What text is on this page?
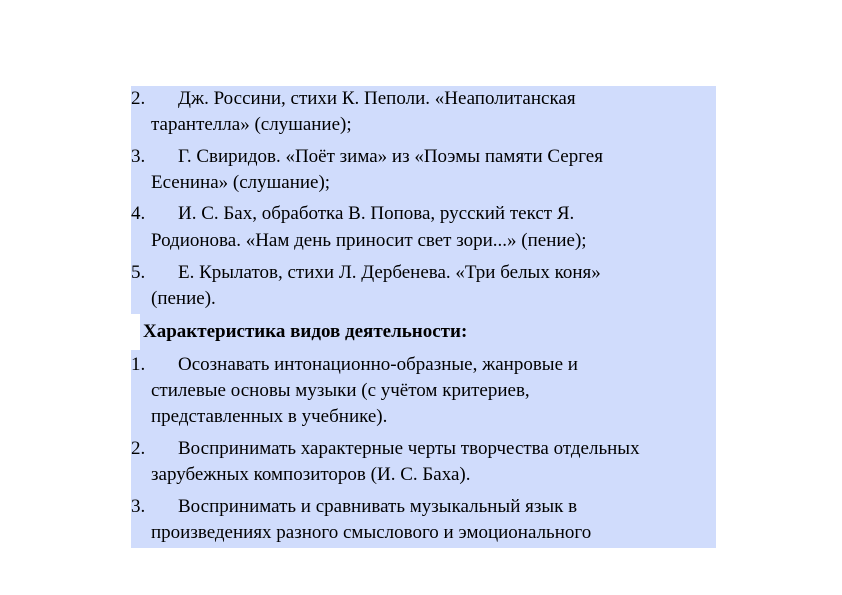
2. Дж. Россини, стихи К. Пеполи. «Неаполитанская
тарантелла» (слушание);
3. Г. Свиридов. «Поёт зима» из «Поэмы памяти Сергея
Есенина» (слушание);
4. И. С. Бах, обработка В. Попова, русский текст Я.
Родионова. «Нам день приносит свет зори...» (пение);
5. Е. Крылатов, стихи Л. Дербенева. «Три белых коня»
(пение).
Характеристика видов деятельности:
1. Осознавать интонационно-образные, жанровые и
стилевые основы музыки (с учётом критериев,
представленных в учебнике).
2. Воспринимать характерные черты творчества отдельных
зарубежных композиторов (И. С. Баха).
3. Воспринимать и сравнивать музыкальный язык в
произведениях разного смыслового и эмоционального
